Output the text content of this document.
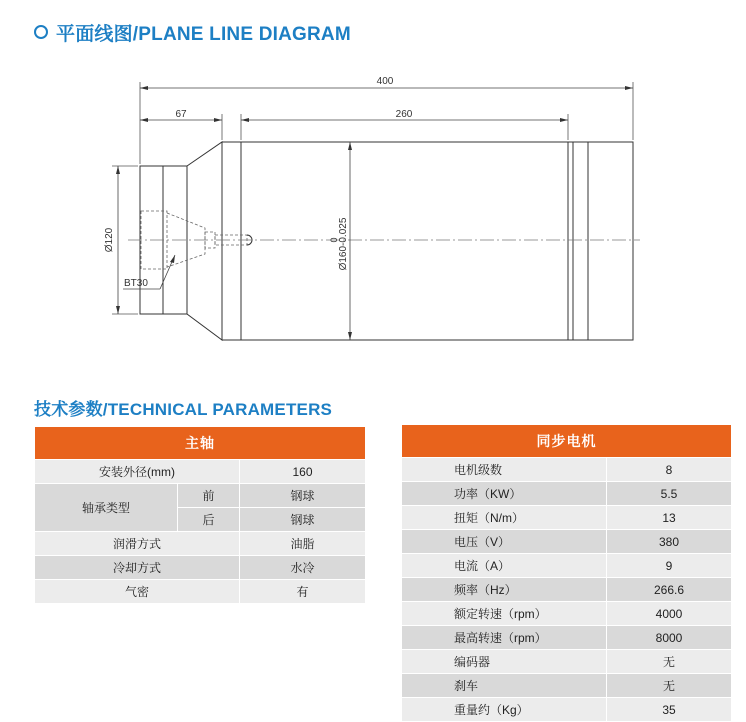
平面线图/PLANE LINE DIAGRAM
400
67	260
Ø120	0 Ø160-0.025
BT30
技术参数/TECHNICAL PARAMETERS
主轴		
安装外径(mm)		160
轴承类型	前	钢球
	后	钢球
润滑方式		油脂
冷却方式		水冷
气密		有
同步电机	
电机级数	8
功率（KW）	5.5
扭矩（N/m）	13
电压（V）	380
电流（A）	9
频率（Hz）	266.6
额定转速（rpm）	4000
最高转速（rpm）	8000
编码器	无
刹车	无
重量约（Kg）	35
